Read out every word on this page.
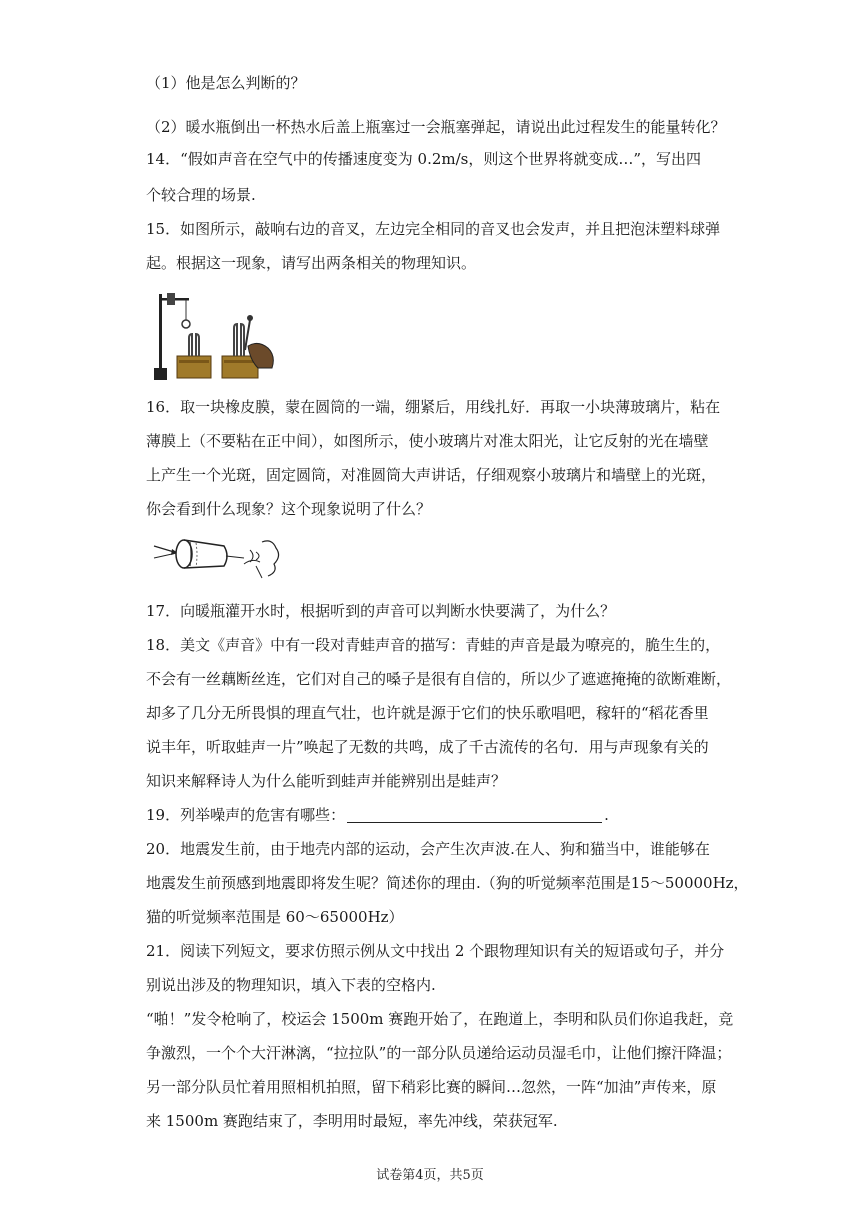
（1）他是怎么判断的？
（2）暖水瓶倒出一杯热水后盖上瓶塞过一会瓶塞弹起，请说出此过程发生的能量转化？
14．“假如声音在空气中的传播速度变为 0.2m/s，则这个世界将就变成…”，写出四
个较合理的场景.
15．如图所示，敲响右边的音叉，左边完全相同的音叉也会发声，并且把泡沫塑料球弹
起。根据这一现象，请写出两条相关的物理知识。
16．取一块橡皮膜，蒙在圆筒的一端，绷紧后，用线扎好．再取一小块薄玻璃片，粘在
薄膜上（不要粘在正中间），如图所示，使小玻璃片对准太阳光，让它反射的光在墙壁
上产生一个光斑，固定圆筒，对准圆筒大声讲话，仔细观察小玻璃片和墙壁上的光斑，
你会看到什么现象？这个现象说明了什么？
17．向暖瓶灌开水时，根据听到的声音可以判断水快要满了，为什么？
18．美文《声音》中有一段对青蛙声音的描写：青蛙的声音是最为嘹亮的，脆生生的，
不会有一丝藕断丝连，它们对自己的嗓子是很有自信的，所以少了遮遮掩掩的欲断难断，
却多了几分无所畏惧的理直气壮，也许就是源于它们的快乐歌唱吧，稼轩的“稻花香里
说丰年，听取蛙声一片”唤起了无数的共鸣，成了千古流传的名句．用与声现象有关的
知识来解释诗人为什么能听到蛙声并能辨别出是蛙声？
19．列举噪声的危害有哪些：	.
20．地震发生前，由于地壳内部的运动，会产生次声波.在人、狗和猫当中，谁能够在
地震发生前预感到地震即将发生呢？简述你的理由.（狗的听觉频率范围是15～50000Hz，
猫的听觉频率范围是 60～65000Hz）
21．阅读下列短文，要求仿照示例从文中找出 2 个跟物理知识有关的短语或句子，并分
别说出涉及的物理知识，填入下表的空格内.
“啪！”发令枪响了，校运会 1500m 赛跑开始了，在跑道上，李明和队员们你追我赶，竞
争激烈，一个个大汗淋漓，“拉拉队”的一部分队员递给运动员湿毛巾，让他们擦汗降温；
另一部分队员忙着用照相机拍照，留下稍彩比赛的瞬间…忽然，一阵“加油”声传来，原
来 1500m 赛跑结束了，李明用时最短，率先冲线，荣获冠军.
试卷第4页，共5页
